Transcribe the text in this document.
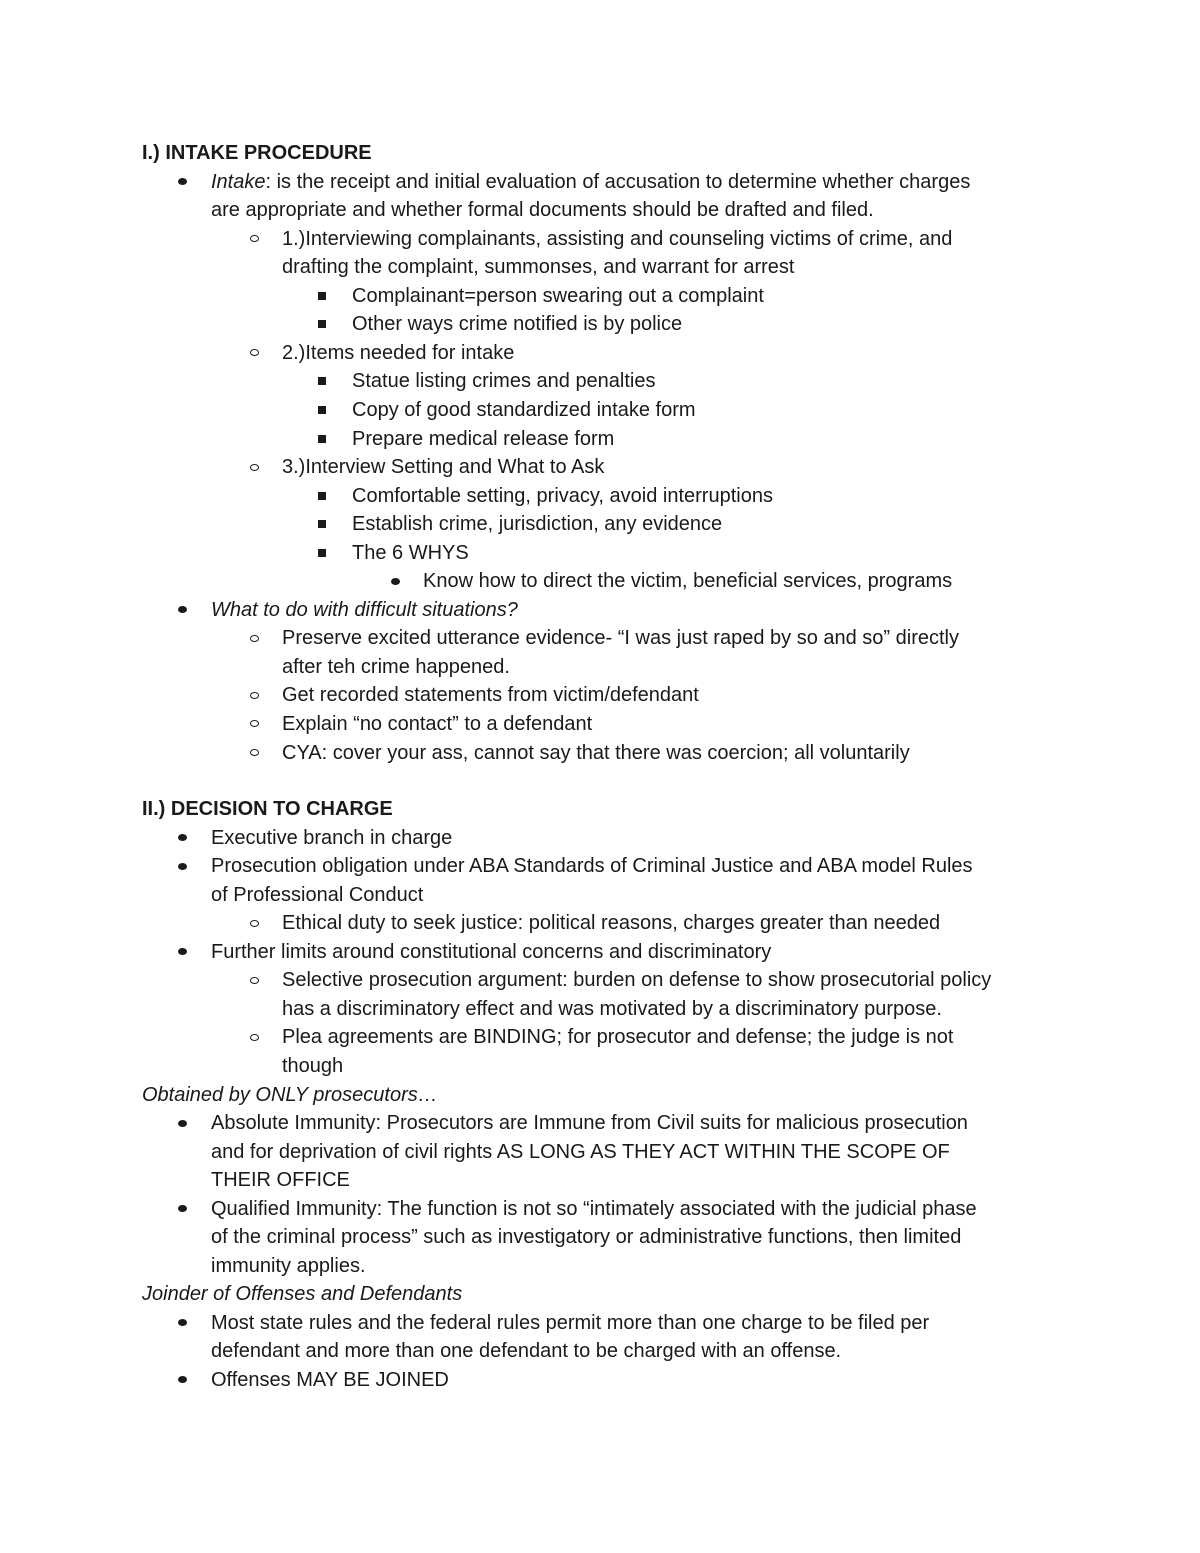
I.) INTAKE PROCEDURE
Intake: is the receipt and initial evaluation of accusation to determine whether charges
are appropriate and whether formal documents should be drafted and filed.
1.)Interviewing complainants, assisting and counseling victims of crime, and
drafting the complaint, summonses, and warrant for arrest
Complainant=person swearing out a complaint
Other ways crime notified is by police
2.)Items needed for intake
Statue listing crimes and penalties
Copy of good standardized intake form
Prepare medical release form
3.)Interview Setting and What to Ask
Comfortable setting, privacy, avoid interruptions
Establish crime, jurisdiction, any evidence
The 6 WHYS
Know how to direct the victim, beneficial services, programs
What to do with difficult situations?
Preserve excited utterance evidence- “I was just raped by so and so” directly
after teh crime happened.
Get recorded statements from victim/defendant
Explain “no contact” to a defendant
CYA: cover your ass, cannot say that there was coercion; all voluntarily
II.) DECISION TO CHARGE
Executive branch in charge
Prosecution obligation under ABA Standards of Criminal Justice and ABA model Rules
of Professional Conduct
Ethical duty to seek justice: political reasons, charges greater than needed
Further limits around constitutional concerns and discriminatory
Selective prosecution argument: burden on defense to show prosecutorial policy
has a discriminatory effect and was motivated by a discriminatory purpose.
Plea agreements are BINDING; for prosecutor and defense; the judge is not
though
Obtained by ONLY prosecutors…
Absolute Immunity: Prosecutors are Immune from Civil suits for malicious prosecution
and for deprivation of civil rights AS LONG AS THEY ACT WITHIN THE SCOPE OF
THEIR OFFICE
Qualified Immunity: The function is not so “intimately associated with the judicial phase
of the criminal process” such as investigatory or administrative functions, then limited
immunity applies.
Joinder of Offenses and Defendants
Most state rules and the federal rules permit more than one charge to be filed per
defendant and more than one defendant to be charged with an offense.
Offenses MAY BE JOINED
